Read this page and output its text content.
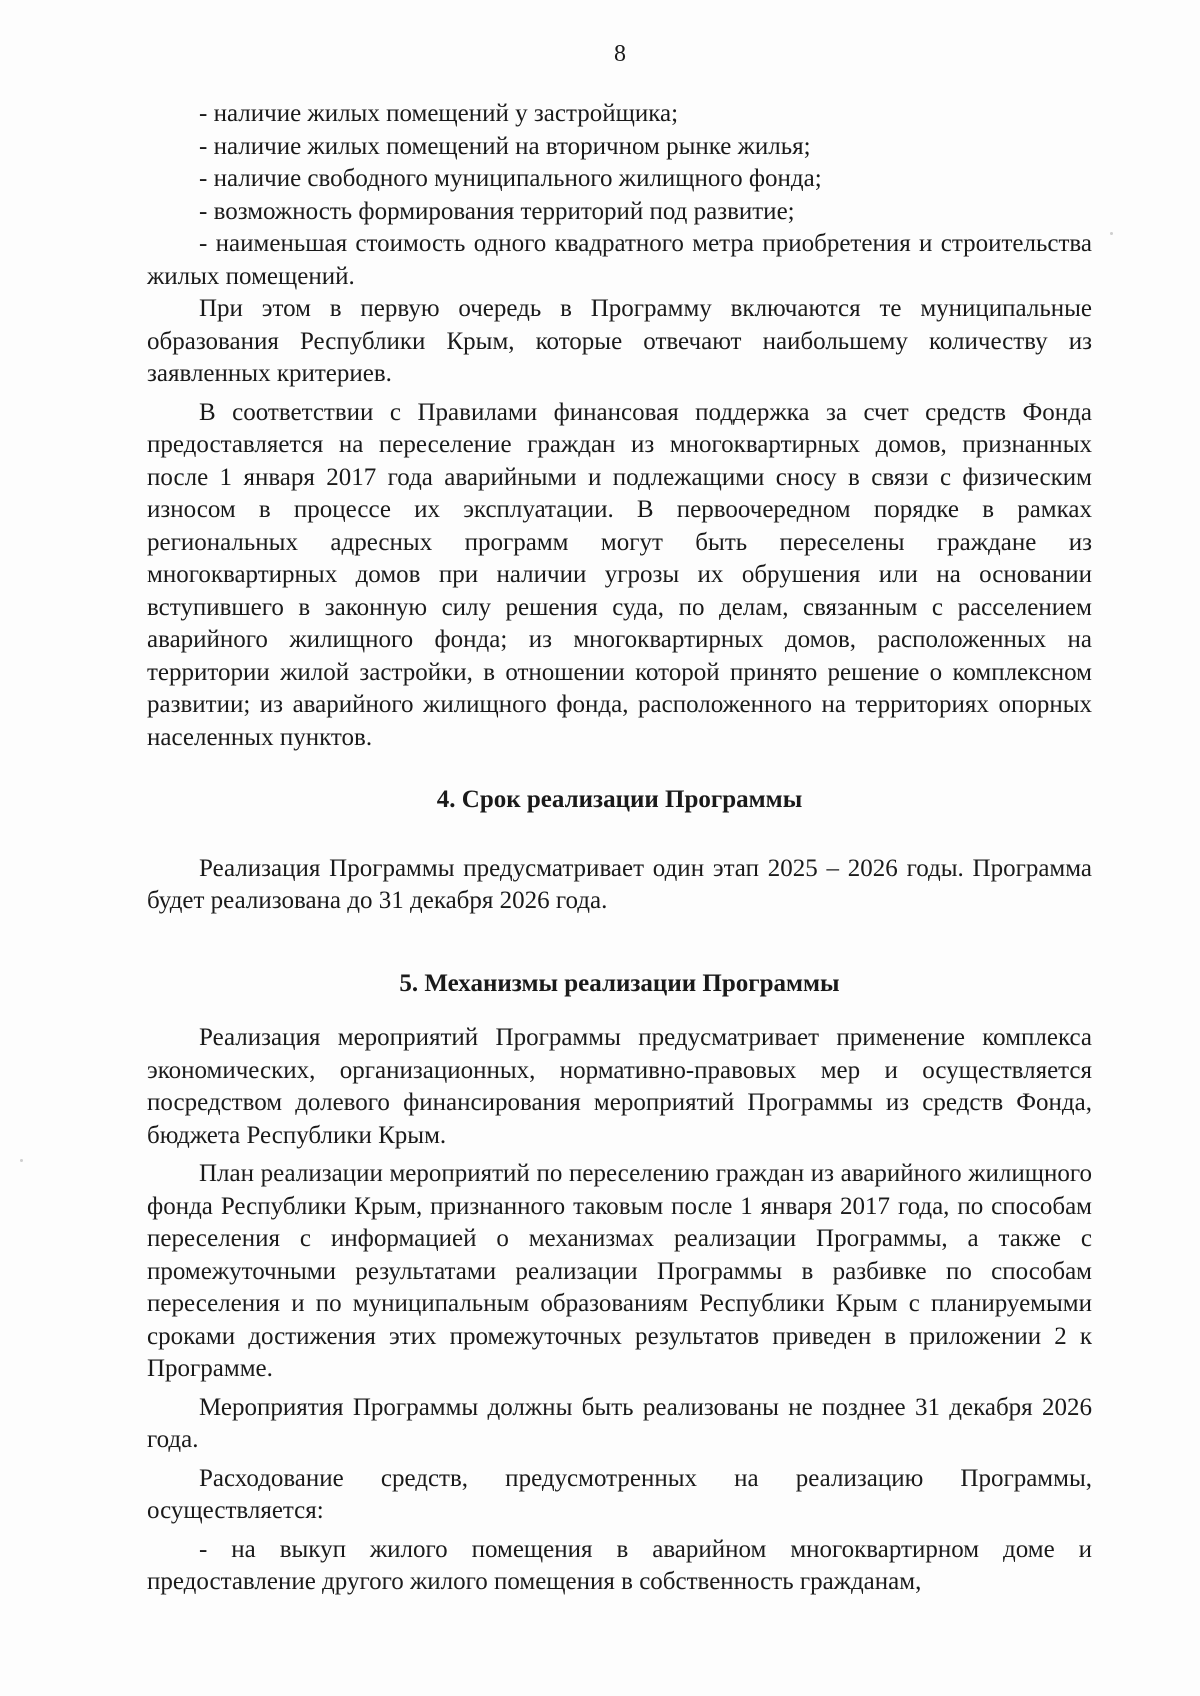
8

- наличие жилых помещений у застройщика;

- наличие жилых помещений на вторичном рынке жилья;

- наличие свободного муниципального жилищного фонда;

- возможность формирования территорий под развитие;

- наименьшая стоимость одного квадратного метра приобретения и строительства жилых помещений.

При этом в первую очередь в Программу включаются те муниципальные образования Республики Крым, которые отвечают наибольшему количеству из заявленных критериев.

В соответствии с Правилами финансовая поддержка за счет средств Фонда предоставляется на переселение граждан из многоквартирных домов, признанных после 1 января 2017 года аварийными и подлежащими сносу в связи с физическим износом в процессе их эксплуатации. В первоочередном порядке в рамках региональных адресных программ могут быть переселены граждане из многоквартирных домов при наличии угрозы их обрушения или на основании вступившего в законную силу решения суда, по делам, связанным с расселением аварийного жилищного фонда; из многоквартирных домов, расположенных на территории жилой застройки, в отношении которой принято решение о комплексном развитии; из аварийного жилищного фонда, расположенного на территориях опорных населенных пунктов.

4. Срок реализации Программы

Реализация Программы предусматривает один этап 2025 – 2026 годы. Программа будет реализована до 31 декабря 2026 года.

5. Механизмы реализации Программы

Реализация мероприятий Программы предусматривает применение комплекса экономических, организационных, нормативно-правовых мер и осуществляется посредством долевого финансирования мероприятий Программы из средств Фонда, бюджета Республики Крым.

План реализации мероприятий по переселению граждан из аварийного жилищного фонда Республики Крым, признанного таковым после 1 января 2017 года, по способам переселения с информацией о механизмах реализации Программы, а также с промежуточными результатами реализации Программы в разбивке по способам переселения и по муниципальным образованиям Республики Крым с планируемыми сроками достижения этих промежуточных результатов приведен в приложении 2 к Программе.

Мероприятия Программы должны быть реализованы не позднее 31 декабря 2026 года.

Расходование средств, предусмотренных на реализацию Программы, осуществляется:

- на выкуп жилого помещения в аварийном многоквартирном доме и предоставление другого жилого помещения в собственность гражданам,
